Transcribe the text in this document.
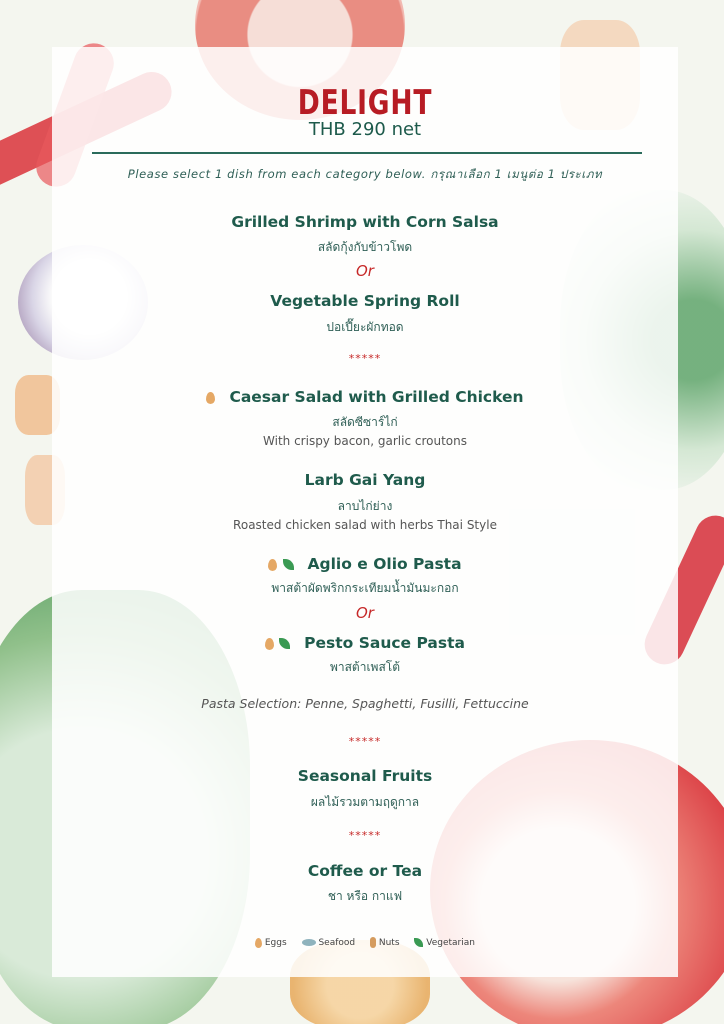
DELIGHT
THB 290 net
Please select 1 dish from each category below. กรุณาเลือก 1 เมนูต่อ 1 ประเภท
Grilled Shrimp with Corn Salsa
สลัดกุ้งกับข้าวโพด
Or
Vegetable Spring Roll
ปอเปี๊ยะผักทอด
*****
Caesar Salad with Grilled Chicken
สลัดซีซาร์ไก่
With crispy bacon, garlic croutons
Larb Gai Yang
ลาบไก่ย่าง
Roasted chicken salad with herbs Thai Style
Aglio e Olio Pasta
พาสต้าผัดพริกกระเทียมน้ำมันมะกอก
Or
Pesto Sauce Pasta
พาสต้าเพสโต้
Pasta Selection: Penne, Spaghetti, Fusilli, Fettuccine
*****
Seasonal Fruits
ผลไม้รวมตามฤดูกาล
*****
Coffee or Tea
ชา หรือ กาแฟ
Eggs	Seafood	Nuts	Vegetarian
